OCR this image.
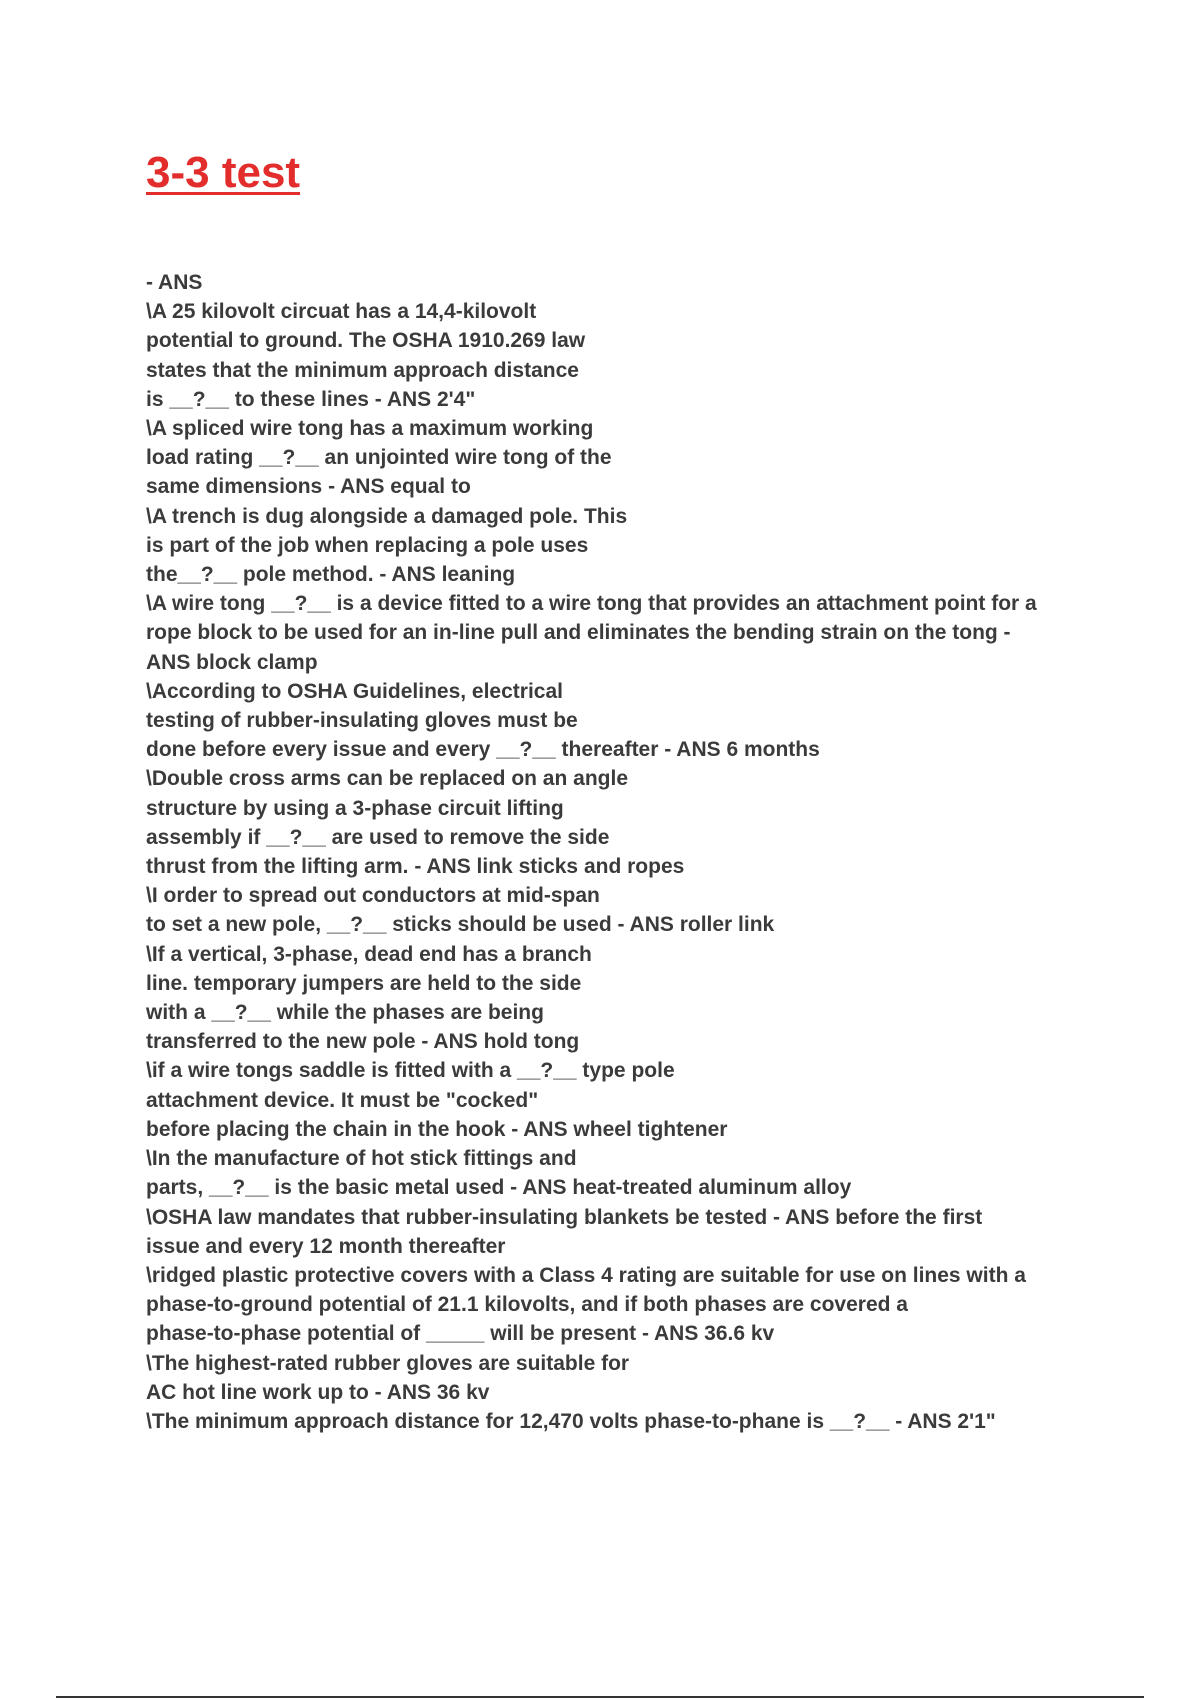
3-3 test
- ANS
\A 25 kilovolt circuat has a 14,4-kilovolt
potential to ground. The OSHA 1910.269 law
states that the minimum approach distance
is __?__ to these lines - ANS 2'4"
\A spliced wire tong has a maximum working
load rating __?__ an unjointed wire tong of the
same dimensions - ANS equal to
\A trench is dug alongside a damaged pole. This
is part of the job when replacing a pole uses
the__?__ pole method. - ANS leaning
\A wire tong __?__ is a device fitted to a wire tong that provides an attachment point for a
rope block to be used for an in-line pull and eliminates the bending strain on the tong -
ANS block clamp
\According to OSHA Guidelines, electrical
testing of rubber-insulating gloves must be
done before every issue and every __?__ thereafter - ANS 6 months
\Double cross arms can be replaced on an angle
structure by using a 3-phase circuit lifting
assembly if __?__ are used to remove the side
thrust from the lifting arm. - ANS link sticks and ropes
\I order to spread out conductors at mid-span
to set a new pole, __?__ sticks should be used - ANS roller link
\If a vertical, 3-phase, dead end has a branch
line. temporary jumpers are held to the side
with a __?__ while the phases are being
transferred to the new pole - ANS hold tong
\if a wire tongs saddle is fitted with a __?__ type pole
attachment device. It must be "cocked"
before placing the chain in the hook - ANS wheel tightener
\In the manufacture of hot stick fittings and
parts, __?__ is the basic metal used - ANS heat-treated aluminum alloy
\OSHA law mandates that rubber-insulating blankets be tested - ANS before the first
issue and every 12 month thereafter
\ridged plastic protective covers with a Class 4 rating are suitable for use on lines with a
phase-to-ground potential of 21.1 kilovolts, and if both phases are covered a
phase-to-phase potential of _____ will be present - ANS 36.6 kv
\The highest-rated rubber gloves are suitable for
AC hot line work up to - ANS 36 kv
\The minimum approach distance for 12,470 volts phase-to-phane is __?__ - ANS 2'1"
